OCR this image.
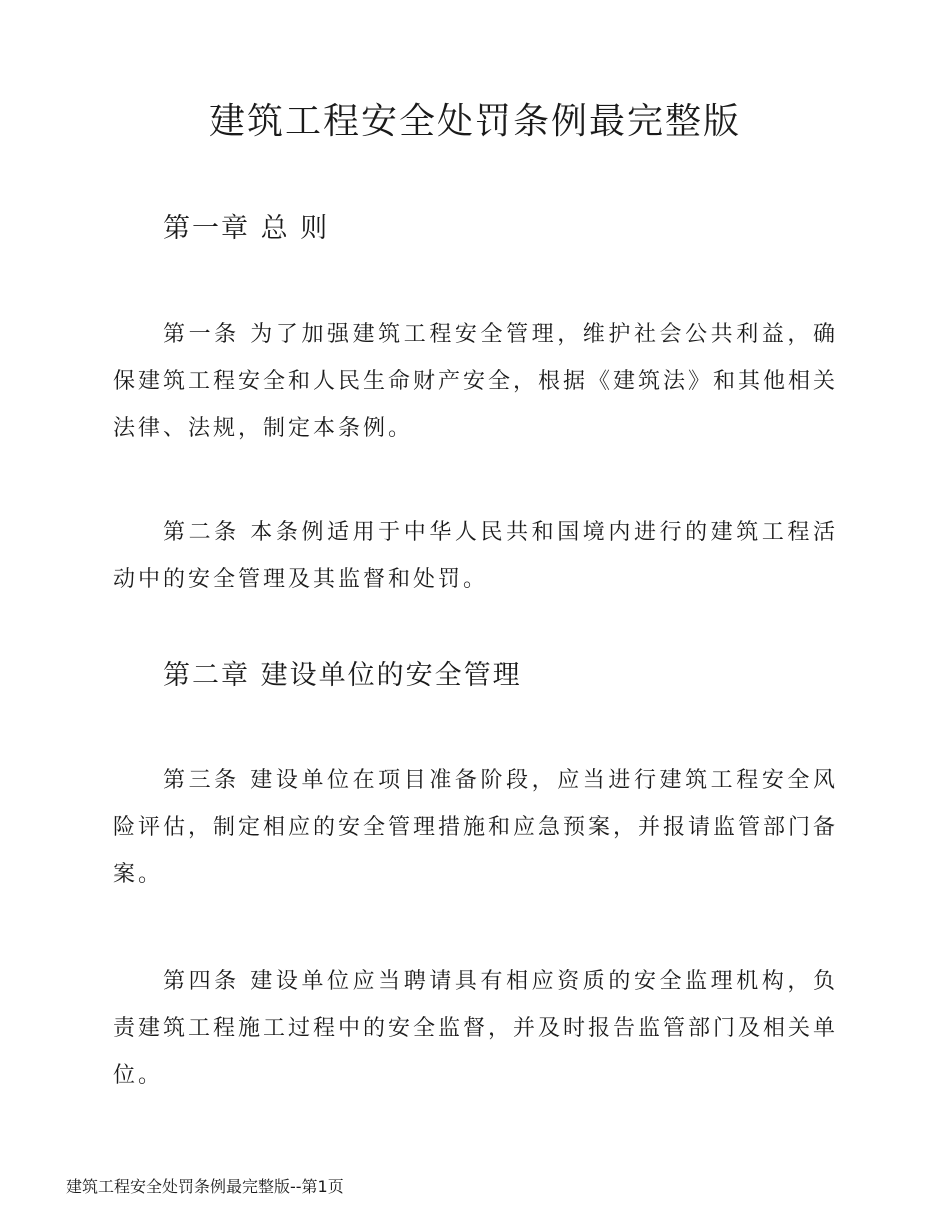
建筑工程安全处罚条例最完整版
第一章 总 则
第一条 为了加强建筑工程安全管理，维护社会公共利益，确保建筑工程安全和人民生命财产安全，根据《建筑法》和其他相关法律、法规，制定本条例。
第二条 本条例适用于中华人民共和国境内进行的建筑工程活动中的安全管理及其监督和处罚。
第二章 建设单位的安全管理
第三条 建设单位在项目准备阶段，应当进行建筑工程安全风险评估，制定相应的安全管理措施和应急预案，并报请监管部门备案。
第四条 建设单位应当聘请具有相应资质的安全监理机构，负责建筑工程施工过程中的安全监督，并及时报告监管部门及相关单位。
建筑工程安全处罚条例最完整版--第1页
